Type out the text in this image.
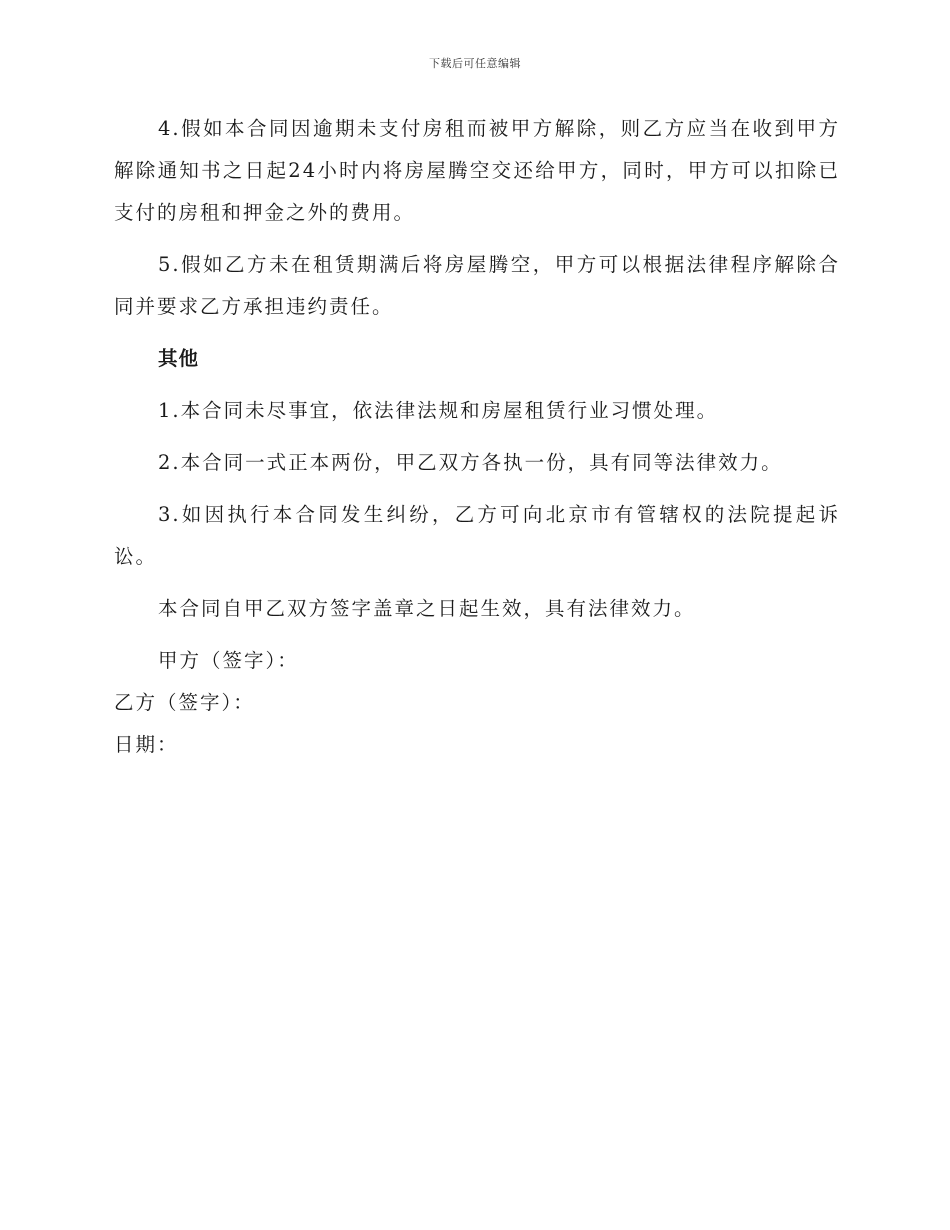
下载后可任意编辑

4.假如本合同因逾期未支付房租而被甲方解除，则乙方应当在收到甲方解除通知书之日起24小时内将房屋腾空交还给甲方，同时，甲方可以扣除已支付的房租和押金之外的费用。

5.假如乙方未在租赁期满后将房屋腾空，甲方可以根据法律程序解除合同并要求乙方承担违约责任。

其他

1.本合同未尽事宜，依法律法规和房屋租赁行业习惯处理。

2.本合同一式正本两份，甲乙双方各执一份，具有同等法律效力。

3.如因执行本合同发生纠纷，乙方可向北京市有管辖权的法院提起诉讼。

本合同自甲乙双方签字盖章之日起生效，具有法律效力。

甲方（签字）：

乙方（签字）：

日期：
